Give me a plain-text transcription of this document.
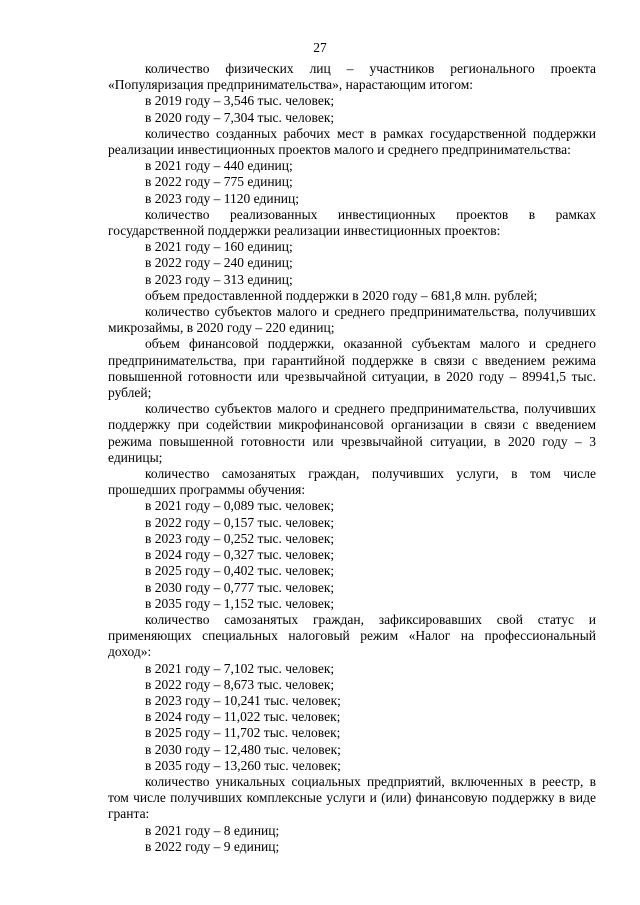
27

количество физических лиц – участников регионального проекта «Популяризация предпринимательства», нарастающим итогом:

в 2019 году – 3,546 тыс. человек;

в 2020 году – 7,304 тыс. человек;

количество созданных рабочих мест в рамках государственной поддержки реализации инвестиционных проектов малого и среднего предпринимательства:

в 2021 году – 440 единиц;

в 2022 году – 775 единиц;

в 2023 году – 1120 единиц;

количество реализованных инвестиционных проектов в рамках государственной поддержки реализации инвестиционных проектов:

в 2021 году – 160 единиц;

в 2022 году – 240 единиц;

в 2023 году – 313 единиц;

объем предоставленной поддержки в 2020 году – 681,8 млн. рублей;

количество субъектов малого и среднего предпринимательства, получивших микрозаймы, в 2020 году – 220 единиц;

объем финансовой поддержки, оказанной субъектам малого и среднего предпринимательства, при гарантийной поддержке в связи с введением режима повышенной готовности или чрезвычайной ситуации, в 2020 году – 89941,5 тыс. рублей;

количество субъектов малого и среднего предпринимательства, получивших поддержку при содействии микрофинансовой организации в связи с введением режима повышенной готовности или чрезвычайной ситуации, в 2020 году – 3 единицы;

количество самозанятых граждан, получивших услуги, в том числе прошедших программы обучения:

в 2021 году – 0,089 тыс. человек;

в 2022 году – 0,157 тыс. человек;

в 2023 году – 0,252 тыс. человек;

в 2024 году – 0,327 тыс. человек;

в 2025 году – 0,402 тыс. человек;

в 2030 году – 0,777 тыс. человек;

в 2035 году – 1,152 тыс. человек;

количество самозанятых граждан, зафиксировавших свой статус и применяющих специальных налоговый режим «Налог на профессиональный доход»:

в 2021 году – 7,102 тыс. человек;

в 2022 году – 8,673 тыс. человек;

в 2023 году – 10,241 тыс. человек;

в 2024 году – 11,022 тыс. человек;

в 2025 году – 11,702 тыс. человек;

в 2030 году – 12,480 тыс. человек;

в 2035 году – 13,260 тыс. человек;

количество уникальных социальных предприятий, включенных в реестр, в том числе получивших комплексные услуги и (или) финансовую поддержку в виде гранта:

в 2021 году – 8 единиц;

в 2022 году – 9 единиц;
